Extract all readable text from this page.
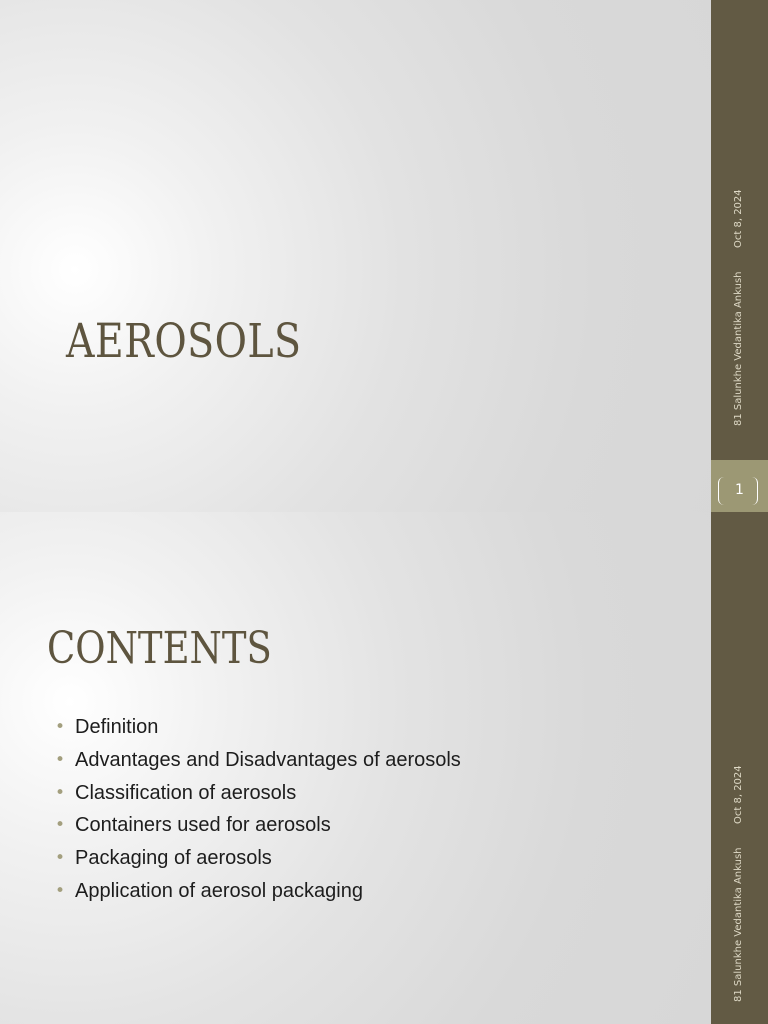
81 Salunkhe Vedantika Ankush
Oct 8, 2024
1
AEROSOLS
81 Salunkhe Vedantika Ankush
Oct 8, 2024
CONTENTS
• Definition
• Advantages and Disadvantages of aerosols
• Classification of aerosols
• Containers used for aerosols
• Packaging of aerosols
• Application of aerosol packaging
